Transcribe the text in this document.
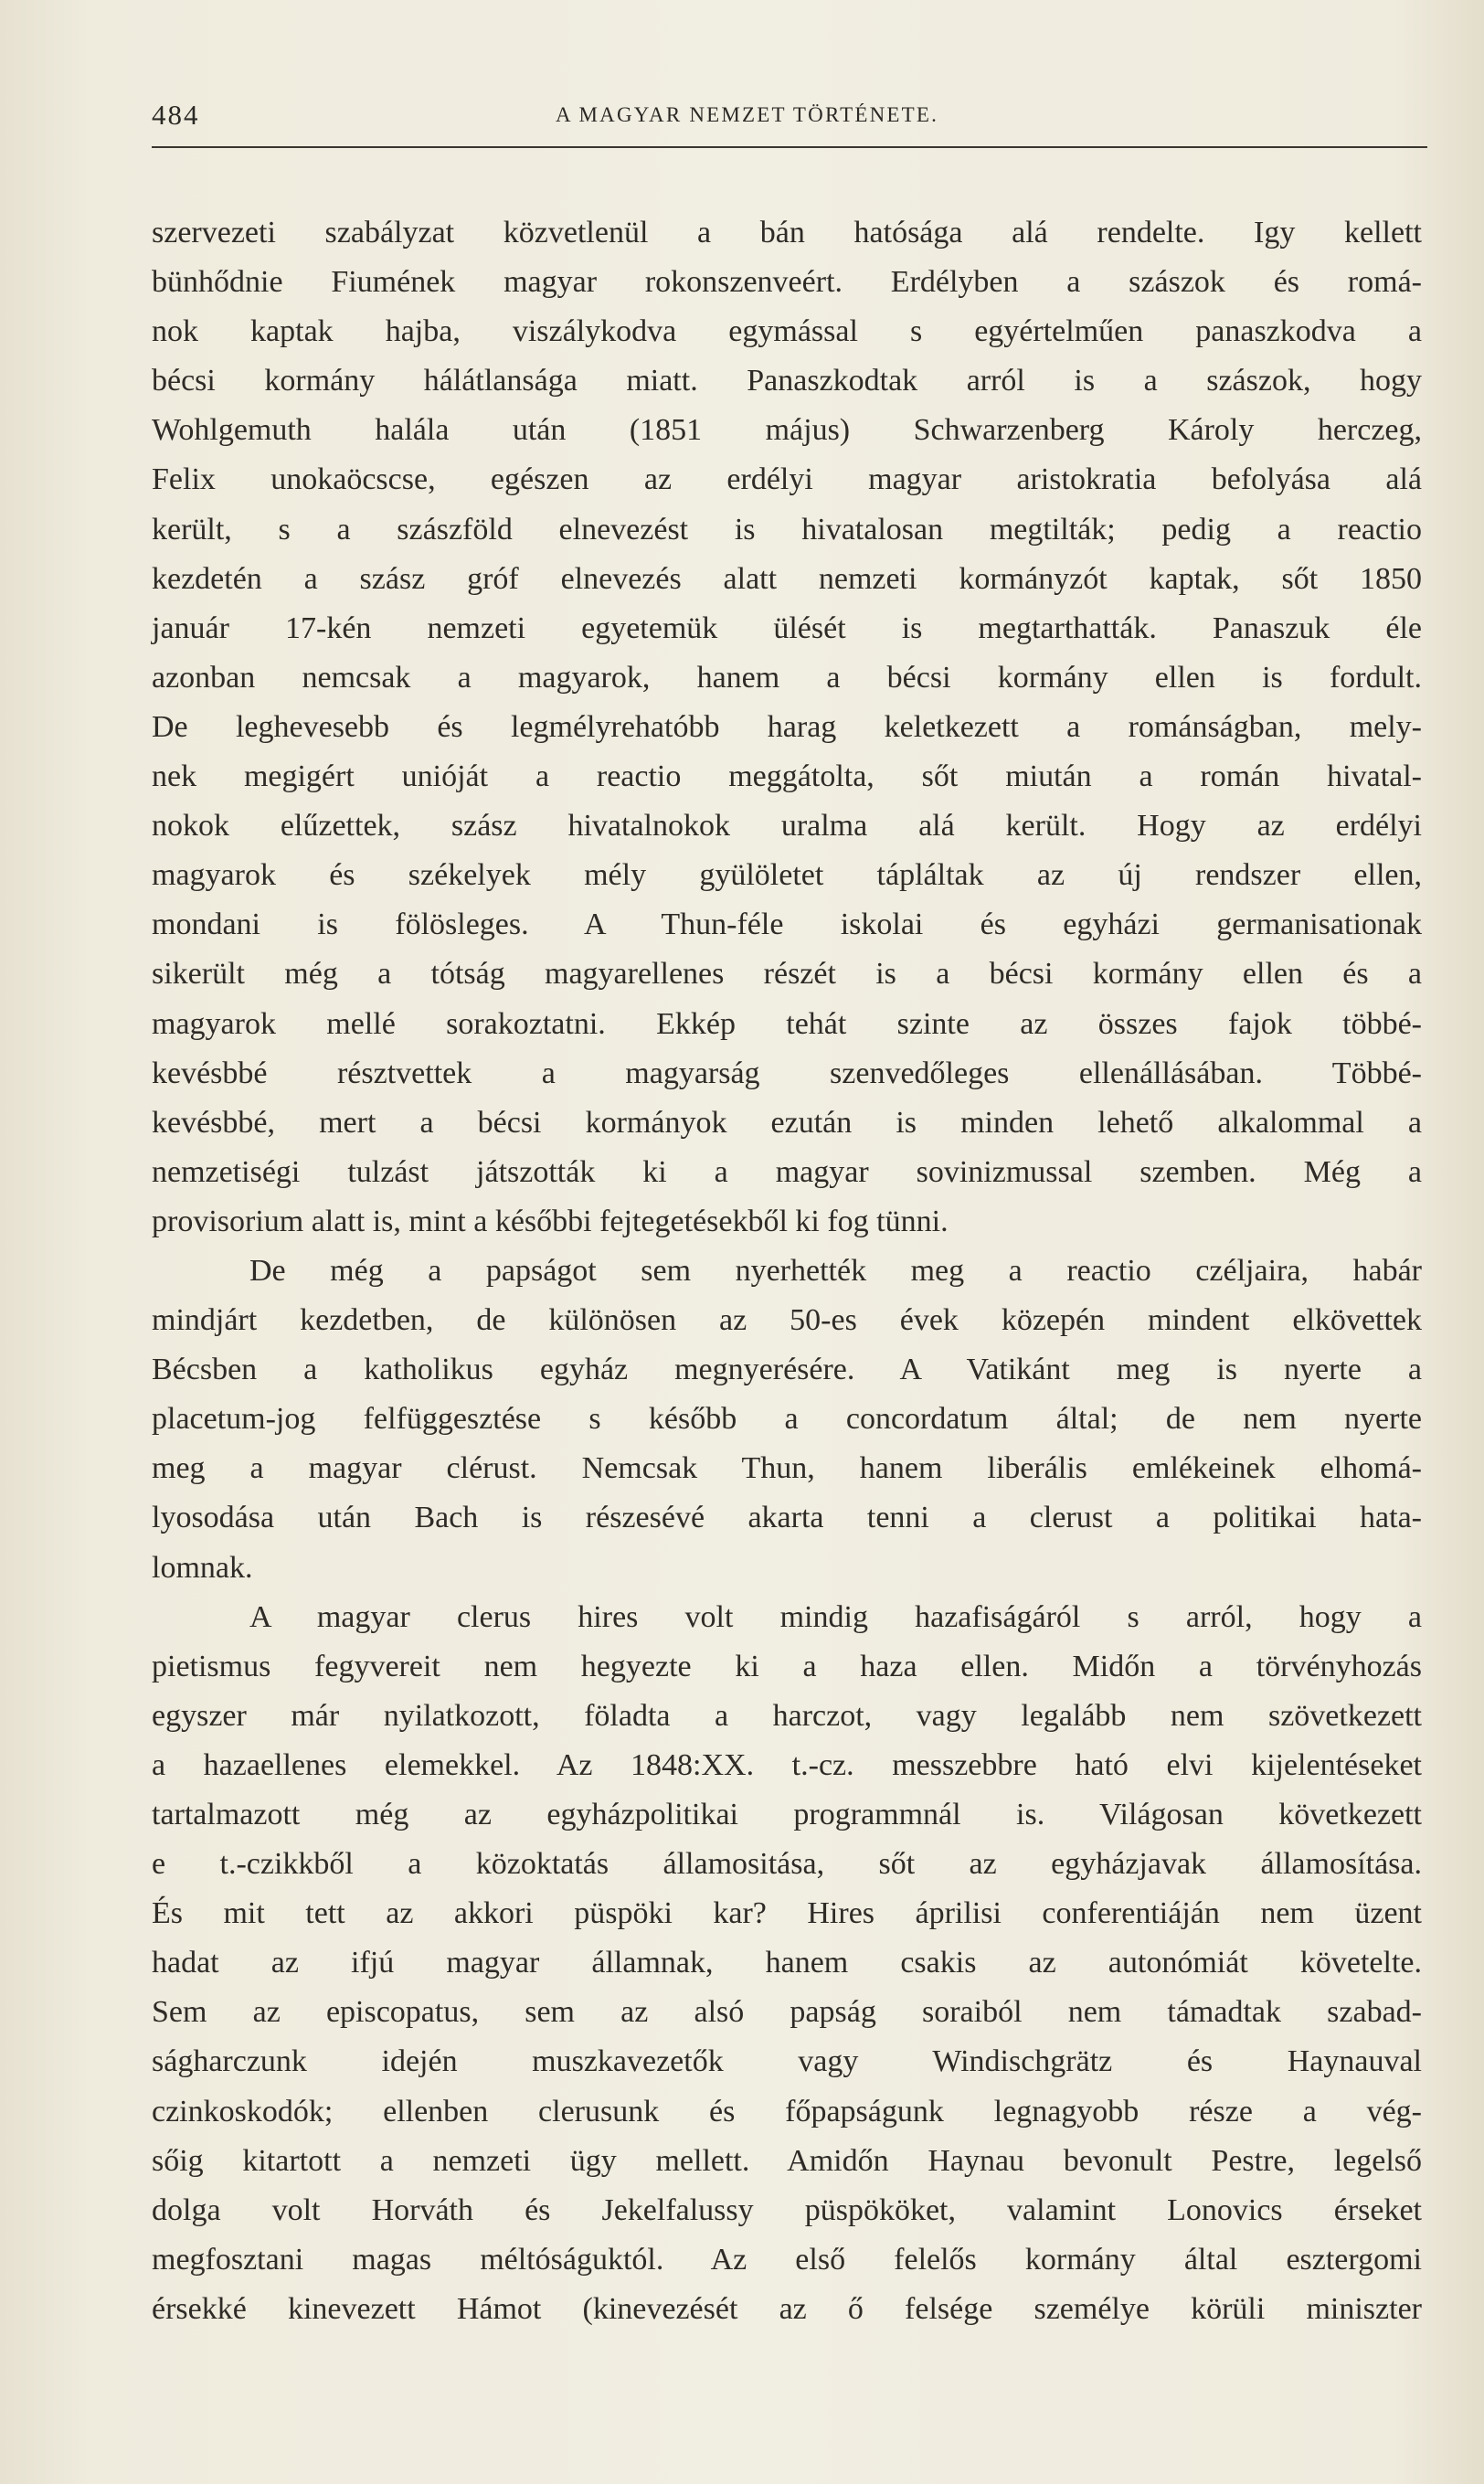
484	A MAGYAR NEMZET TÖRTÉNETE.
szervezeti szabályzat közvetlenül a bán hatósága alá rendelte. Igy kellett
bünhődnie Fiumének magyar rokonszenveért. Erdélyben a szászok és romá-
nok kaptak hajba, viszálykodva egymással s egyértelműen panaszkodva a
bécsi kormány hálátlansága miatt. Panaszkodtak arról is a szászok, hogy
Wohlgemuth halála után (1851 május) Schwarzenberg Károly herczeg,
Felix unokaöcscse, egészen az erdélyi magyar aristokratia befolyása alá
került, s a szászföld elnevezést is hivatalosan megtilták; pedig a reactio
kezdetén a szász gróf elnevezés alatt nemzeti kormányzót kaptak, sőt 1850
január 17-kén nemzeti egyetemük ülését is megtarthatták. Panaszuk éle
azonban nemcsak a magyarok, hanem a bécsi kormány ellen is fordult.
De leghevesebb és legmélyrehatóbb harag keletkezett a románságban, mely-
nek megigért unióját a reactio meggátolta, sőt miután a román hivatal-
nokok elűzettek, szász hivatalnokok uralma alá került. Hogy az erdélyi
magyarok és székelyek mély gyülöletet tápláltak az új rendszer ellen,
mondani is fölösleges. A Thun-féle iskolai és egyházi germanisationak
sikerült még a tótság magyarellenes részét is a bécsi kormány ellen és a
magyarok mellé sorakoztatni. Ekkép tehát szinte az összes fajok többé-
kevésbbé résztvettek a magyarság szenvedőleges ellenállásában. Többé-
kevésbbé, mert a bécsi kormányok ezután is minden lehető alkalommal a
nemzetiségi tulzást játszották ki a magyar sovinizmussal szemben. Még a
provisorium alatt is, mint a későbbi fejtegetésekből ki fog tünni.
De még a papságot sem nyerhették meg a reactio czéljaira, habár
mindjárt kezdetben, de különösen az 50-es évek közepén mindent elkövettek
Bécsben a katholikus egyház megnyerésére. A Vatikánt meg is nyerte a
placetum-jog felfüggesztése s később a concordatum által; de nem nyerte
meg a magyar clérust. Nemcsak Thun, hanem liberális emlékeinek elhomá-
lyosodása után Bach is részesévé akarta tenni a clerust a politikai hata-
lomnak.
A magyar clerus hires volt mindig hazafiságáról s arról, hogy a
pietismus fegyvereit nem hegyezte ki a haza ellen. Midőn a törvényhozás
egyszer már nyilatkozott, föladta a harczot, vagy legalább nem szövetkezett
a hazaellenes elemekkel. Az 1848:XX. t.-cz. messzebbre ható elvi kijelentéseket
tartalmazott még az egyházpolitikai programmnál is. Világosan következett
e t.-czikkből a közoktatás államositása, sőt az egyházjavak államosítása.
És mit tett az akkori püspöki kar? Hires áprilisi conferentiáján nem üzent
hadat az ifjú magyar államnak, hanem csakis az autonómiát követelte.
Sem az episcopatus, sem az alsó papság soraiból nem támadtak szabad-
ságharczunk idején muszkavezetők vagy Windischgrätz és Haynauval
czinkoskodók; ellenben clerusunk és főpapságunk legnagyobb része a vég-
sőig kitartott a nemzeti ügy mellett. Amidőn Haynau bevonult Pestre, legelső
dolga volt Horváth és Jekelfalussy püspököket, valamint Lonovics érseket
megfosztani magas méltóságuktól. Az első felelős kormány által esztergomi
érsekké kinevezett Hámot (kinevezését az ő felsége személye körüli miniszter
